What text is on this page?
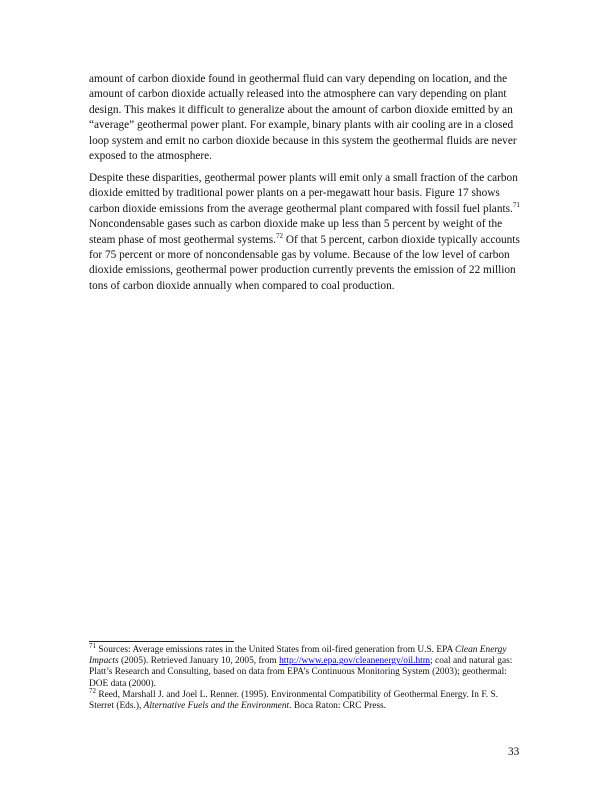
amount of carbon dioxide found in geothermal fluid can vary depending on location, and the amount of carbon dioxide actually released into the atmosphere can vary depending on plant design. This makes it difficult to generalize about the amount of carbon dioxide emitted by an “average” geothermal power plant. For example, binary plants with air cooling are in a closed loop system and emit no carbon dioxide because in this system the geothermal fluids are never exposed to the atmosphere.

Despite these disparities, geothermal power plants will emit only a small fraction of the carbon dioxide emitted by traditional power plants on a per-megawatt hour basis. Figure 17 shows carbon dioxide emissions from the average geothermal plant compared with fossil fuel plants.$^{71}$ Noncondensable gases such as carbon dioxide make up less than 5 percent by weight of the steam phase of most geothermal systems.$^{72}$ Of that 5 percent, carbon dioxide typically accounts for 75 percent or more of noncondensable gas by volume. Because of the low level of carbon dioxide emissions, geothermal power production currently prevents the emission of 22 million tons of carbon dioxide annually when compared to coal production.

$^{71}$ Sources: Average emissions rates in the United States from oil-fired generation from U.S. EPA Clean Energy Impacts (2005). Retrieved January 10, 2005, from http://www.epa.gov/cleanenergy/oil.htm; coal and natural gas: Platt’s Research and Consulting, based on data from EPA’s Continuous Monitoring System (2003); geothermal: DOE data (2000).

$^{72}$ Reed, Marshall J. and Joel L. Renner. (1995). Environmental Compatibility of Geothermal Energy. In F. S. Sterret (Eds.), Alternative Fuels and the Environment. Boca Raton: CRC Press.

33
